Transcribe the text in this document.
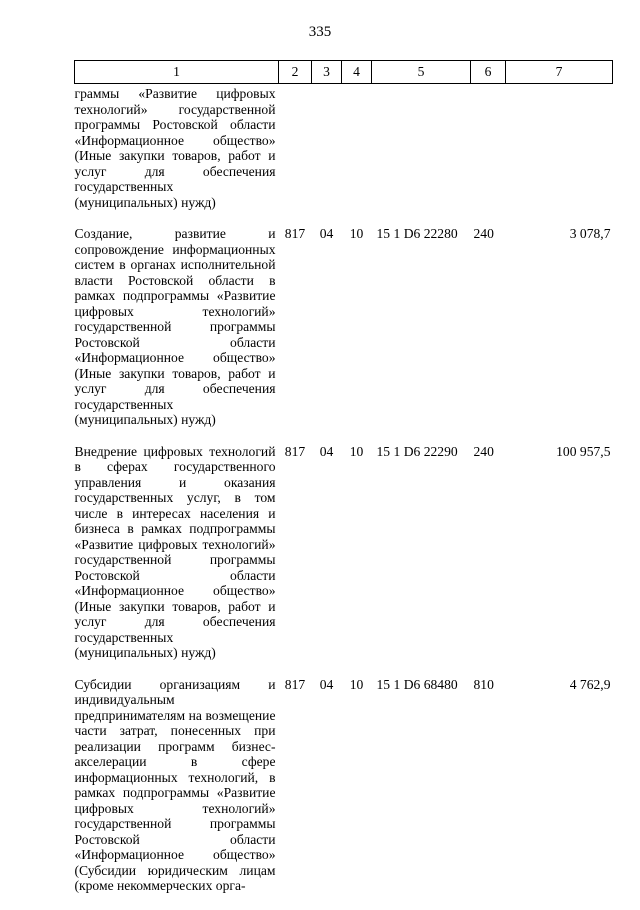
335
1	2	3	4	5	6	7
граммы «Развитие цифровых технологий» государственной программы Ростовской области «Информационное общество» (Иные закупки товаров, работ и услуг для обеспечения государственных (муниципальных) нужд)						
Создание, развитие и сопровождение информационных систем в органах исполнительной власти Ростовской области в рамках подпрограммы «Развитие цифровых технологий» государственной программы Ростовской области «Информационное общество» (Иные закупки товаров, работ и услуг для обеспечения государственных (муниципальных) нужд)	817	04	10	15 1 D6 22280	240	3 078,7
Внедрение цифровых технологий в сферах государственного управления и оказания государственных услуг, в том числе в интересах населения и бизнеса в рамках подпрограммы «Развитие цифровых технологий» государственной программы Ростовской области «Информационное общество» (Иные закупки товаров, работ и услуг для обеспечения государственных (муниципальных) нужд)	817	04	10	15 1 D6 22290	240	100 957,5
Субсидии организациям и индивидуальным предпринимателям на возмещение части затрат, понесенных при реализации программ бизнес-акселерации в сфере информационных технологий, в рамках подпрограммы «Развитие цифровых технологий» государственной программы Ростовской области «Информационное общество» (Субсидии юридическим лицам (кроме некоммерческих орга-	817	04	10	15 1 D6 68480	810	4 762,9
